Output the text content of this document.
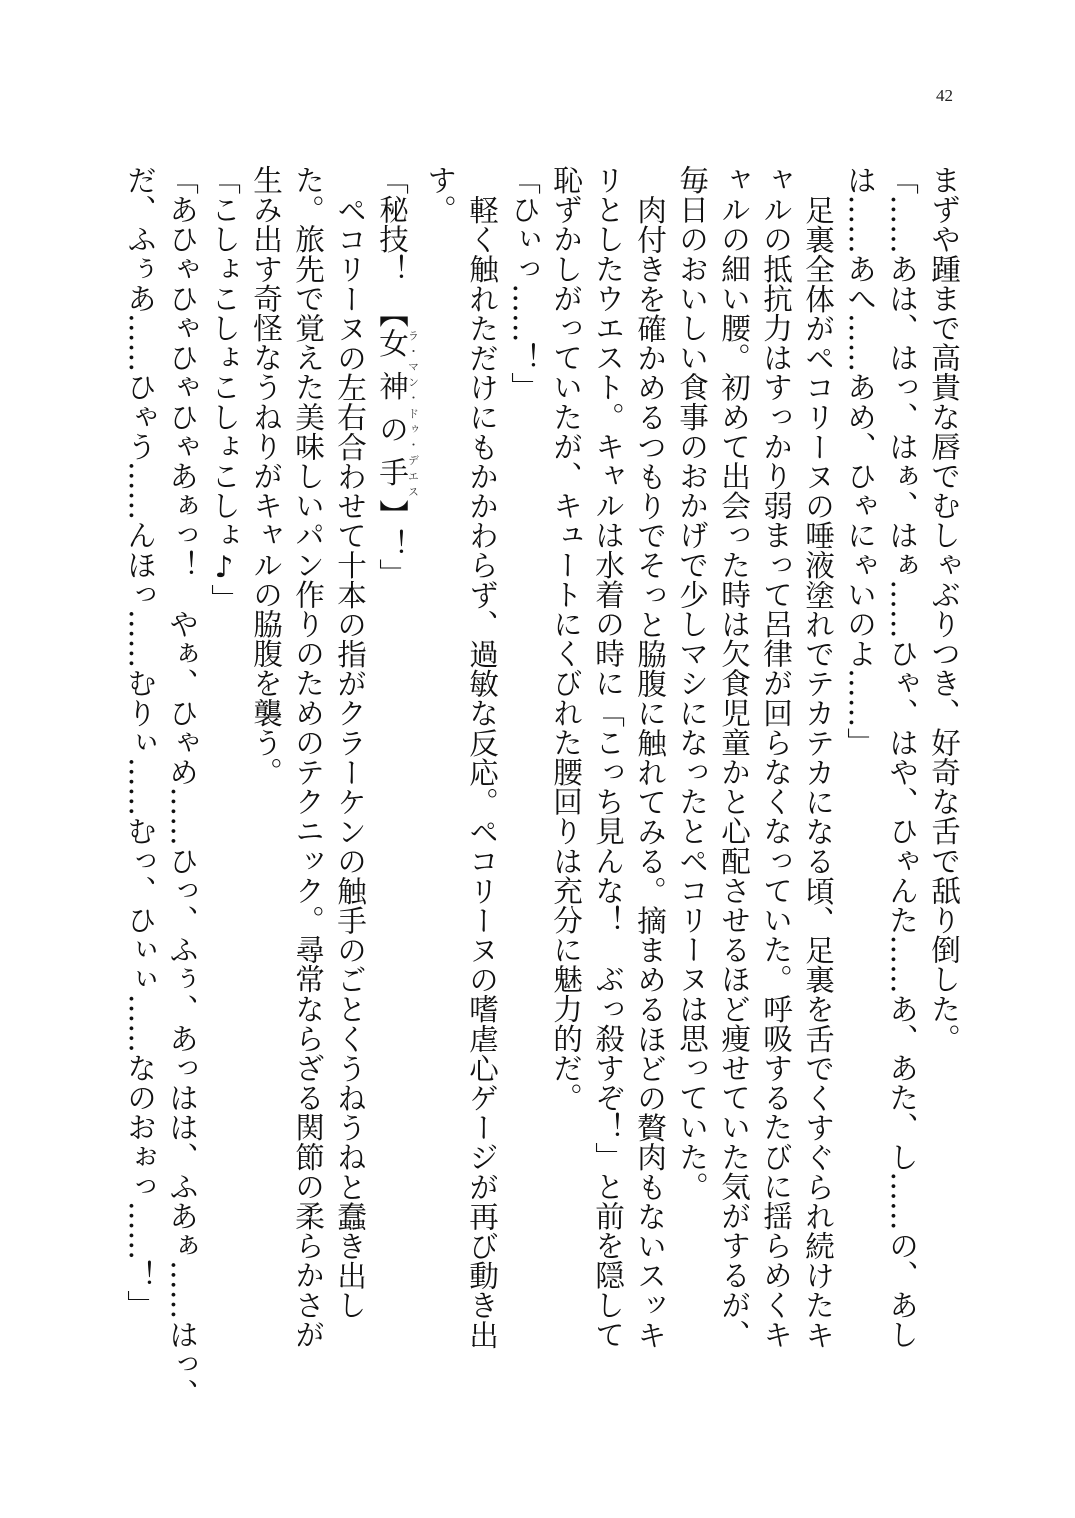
42
まずや踵まで高貴な唇でむしゃぶりつき、好奇な舌で舐り倒した。
「……あは、はっ、はぁ、はぁ……ひゃ、はや、ひゃんた……あ、あた、し……の、あし
は……あへ……あめ、ひゃにゃいのよ……」
足裏全体がペコリーヌの唾液塗れでテカテカになる頃、足裏を舌でくすぐられ続けたキ
ャルの抵抗力はすっかり弱まって呂律が回らなくなっていた。呼吸するたびに揺らめくキ
ャルの細い腰。初めて出会った時は欠食児童かと心配させるほど痩せていた気がするが、
毎日のおいしい食事のおかげで少しマシになったとペコリーヌは思っていた。
肉付きを確かめるつもりでそっと脇腹に触れてみる。摘まめるほどの贅肉もないスッキ
リとしたウエスト。キャルは水着の時に「こっち見んな！　ぶっ殺すぞ！」と前を隠して
恥ずかしがっていたが、キュートにくびれた腰回りは充分に魅力的だ。
「ひぃっ……！」
軽く触れただけにもかかわらず、過敏な反応。ペコリーヌの嗜虐心ゲージが再び動き出
す。
「秘技！　【女神の手ラ・マン・ドゥ・デエス】！」
ペコリーヌの左右合わせて十本の指がクラーケンの触手のごとくうねうねと蠢き出し
た。旅先で覚えた美味しいパン作りのためのテクニック。尋常ならざる関節の柔らかさが
生み出す奇怪なうねりがキャルの脇腹を襲う。
「こしょこしょこしょこしょ♪」
「あひゃひゃひゃひゃあぁっ！　やぁ、ひゃめ……ひっ、ふぅ、あっはは、ふあぁ……はっ、
だ、ふぅあ……ひゃう……んほっ……むりぃ……むっ、ひぃぃ……なのおぉっ……！」
